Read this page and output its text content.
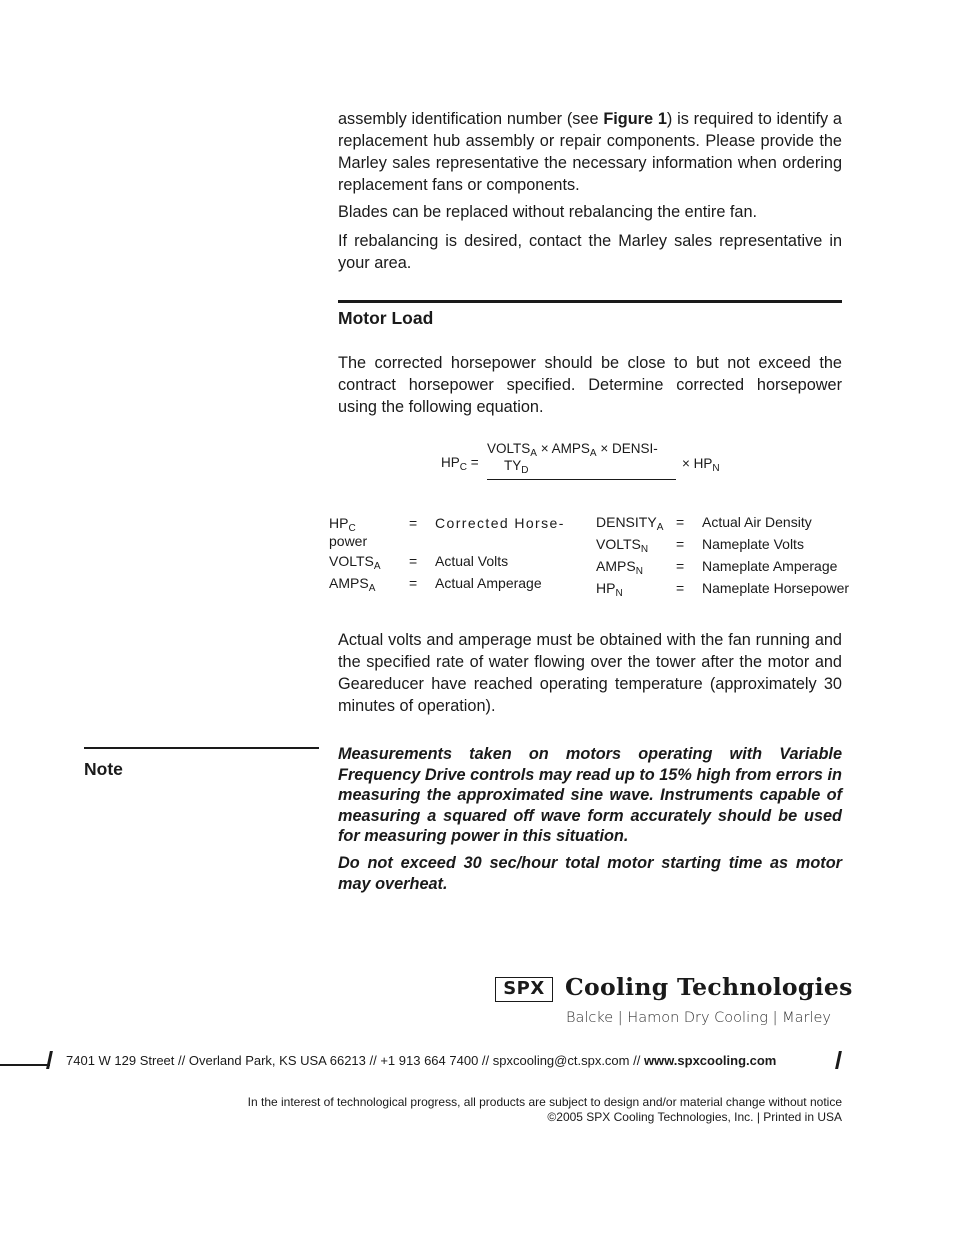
assembly identification number (see Figure 1) is required to identify a replacement hub assembly or repair components. Please provide the Marley sales representative the necessary information when ordering replacement fans or components.

Blades can be replaced without rebalancing the entire fan.

If rebalancing is desired, contact the Marley sales representative in your area.

Motor Load

The corrected horsepower should be close to but not exceed the contract horsepower specified. Determine corrected horsepower using the following equation.

$HP_C$ =
$VOLTS_A$ × $AMPS_A$ × DENSI-
$TY_D$	× $HP_N$
$HP_C$
power
= Corrected Horse-
$VOLTS_A$ = Actual Volts
$AMPS_A$ = Actual Amperage
$DENSITY_A$ = Actual Air Density
$VOLTS_N$ = Nameplate Volts
$AMPS_N$ = Nameplate Amperage
$HP_N$	= Nameplate Horsepower

Actual volts and amperage must be obtained with the fan running and the specified rate of water flowing over the tower after the motor and Geareducer have reached operating temperature (approximately 30 minutes of operation).

Note

Measurements taken on motors operating with Variable Frequency Drive controls may read up to 15% high from errors in measuring the approximated sine wave. Instruments capable of measuring a squared off wave form accurately should be used for measuring power in this situation.

Do not exceed 30 sec/hour total motor starting time as motor may overheat.

SPX Cooling Technologies
Balcke | Hamon Dry Cooling | Marley
7401 W 129 Street // Overland Park, KS USA 66213 // +1 913 664 7400 // spxcooling@ct.spx.com // www.spxcooling.com
In the interest of technological progress, all products are subject to design and/or material change without notice
©2005 SPX Cooling Technologies, Inc. | Printed in USA
